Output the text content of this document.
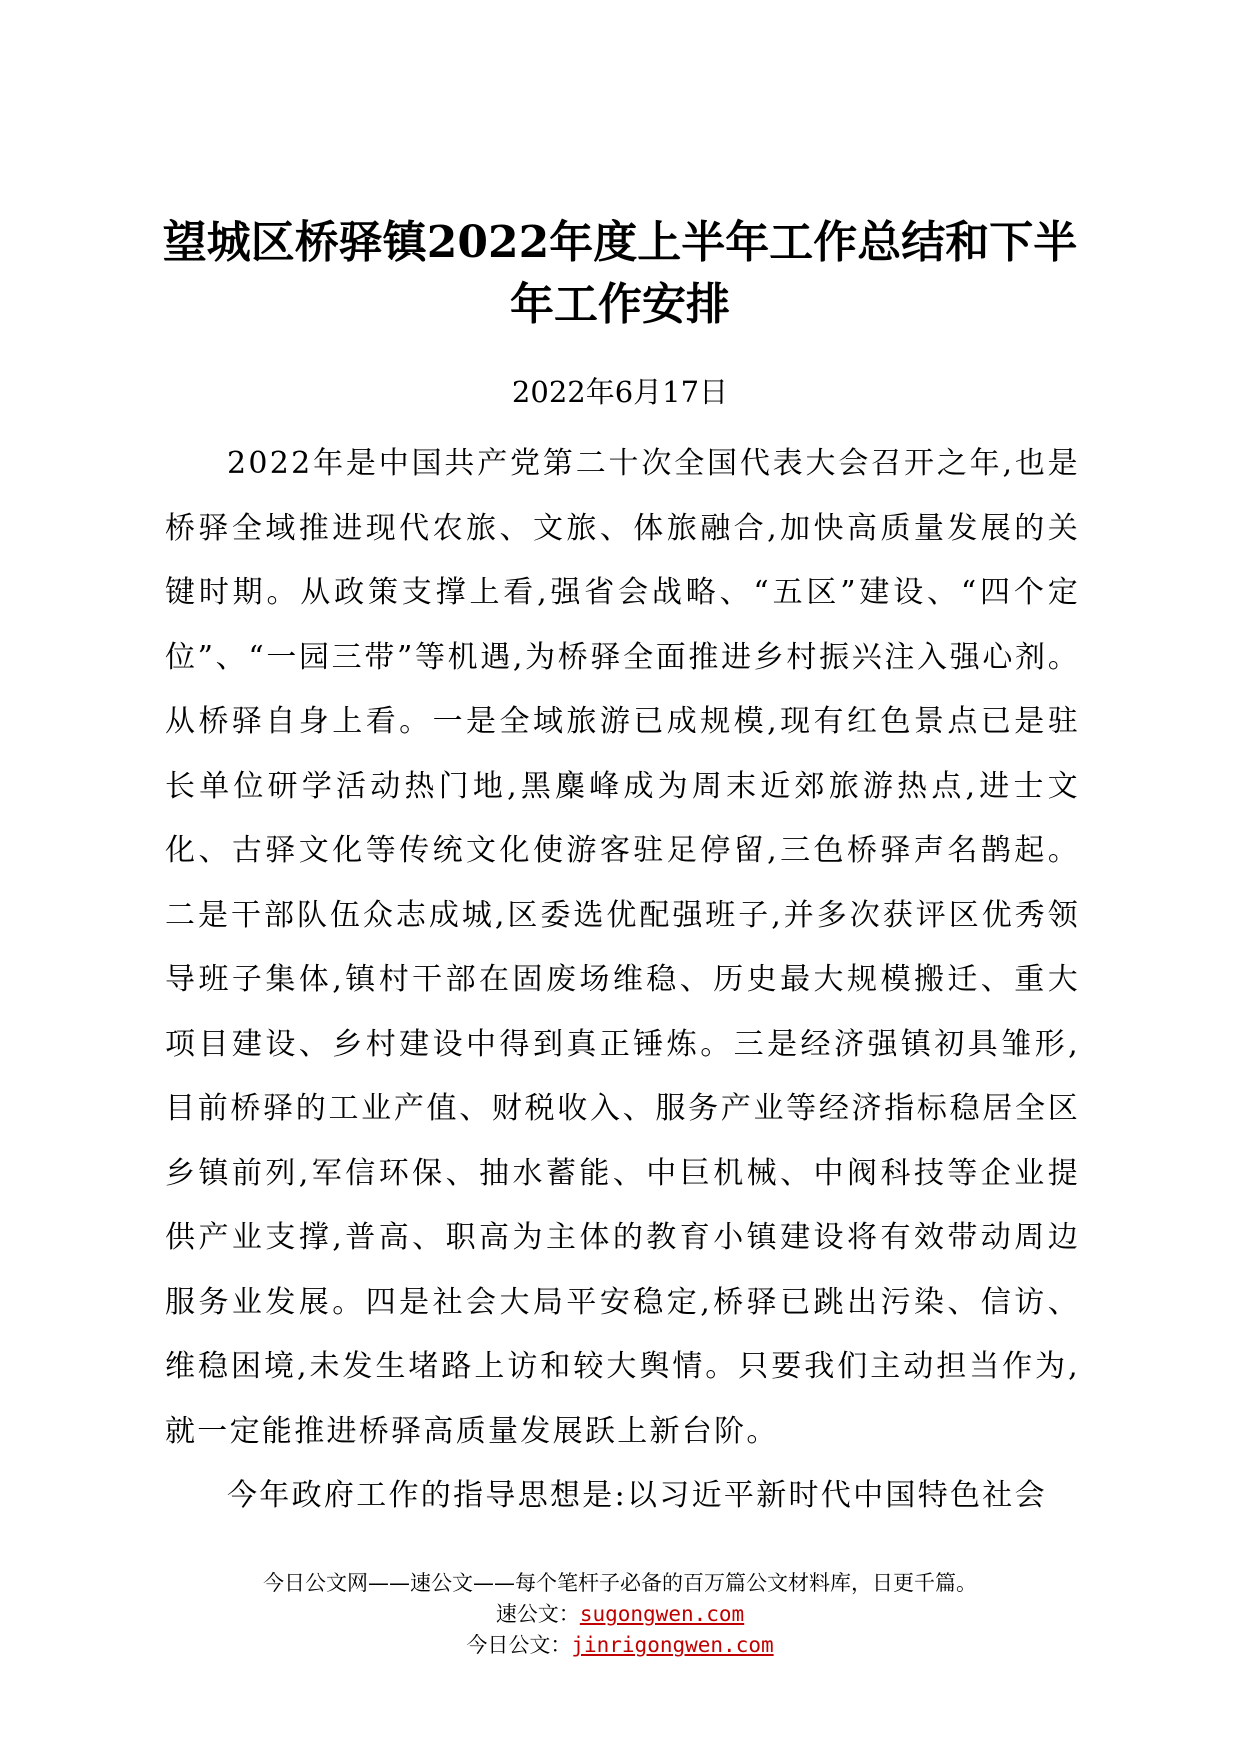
望城区桥驿镇2022年度上半年工作总结和下半年工作安排
2022年6月17日

2022年是中国共产党第二十次全国代表大会召开之年,也是桥驿全域推进现代农旅、文旅、体旅融合,加快高质量发展的关键时期。从政策支撑上看,强省会战略、“五区”建设、“四个定位”、“一园三带”等机遇,为桥驿全面推进乡村振兴注入强心剂。从桥驿自身上看。一是全域旅游已成规模,现有红色景点已是驻长单位研学活动热门地,黑麋峰成为周末近郊旅游热点,进士文化、古驿文化等传统文化使游客驻足停留,三色桥驿声名鹊起。二是干部队伍众志成城,区委选优配强班子,并多次获评区优秀领导班子集体,镇村干部在固废场维稳、历史最大规模搬迁、重大项目建设、乡村建设中得到真正锤炼。三是经济强镇初具雏形,目前桥驿的工业产值、财税收入、服务产业等经济指标稳居全区乡镇前列,军信环保、抽水蓄能、中巨机械、中阀科技等企业提供产业支撑,普高、职高为主体的教育小镇建设将有效带动周边服务业发展。四是社会大局平安稳定,桥驿已跳出污染、信访、维稳困境,未发生堵路上访和较大舆情。只要我们主动担当作为,就一定能推进桥驿高质量发展跃上新台阶。

今年政府工作的指导思想是:以习近平新时代中国特色社会

今日公文网——速公文——每个笔杆子必备的百万篇公文材料库，日更千篇。
速公文：sugongwen.com
今日公文：jinrigongwen.com
